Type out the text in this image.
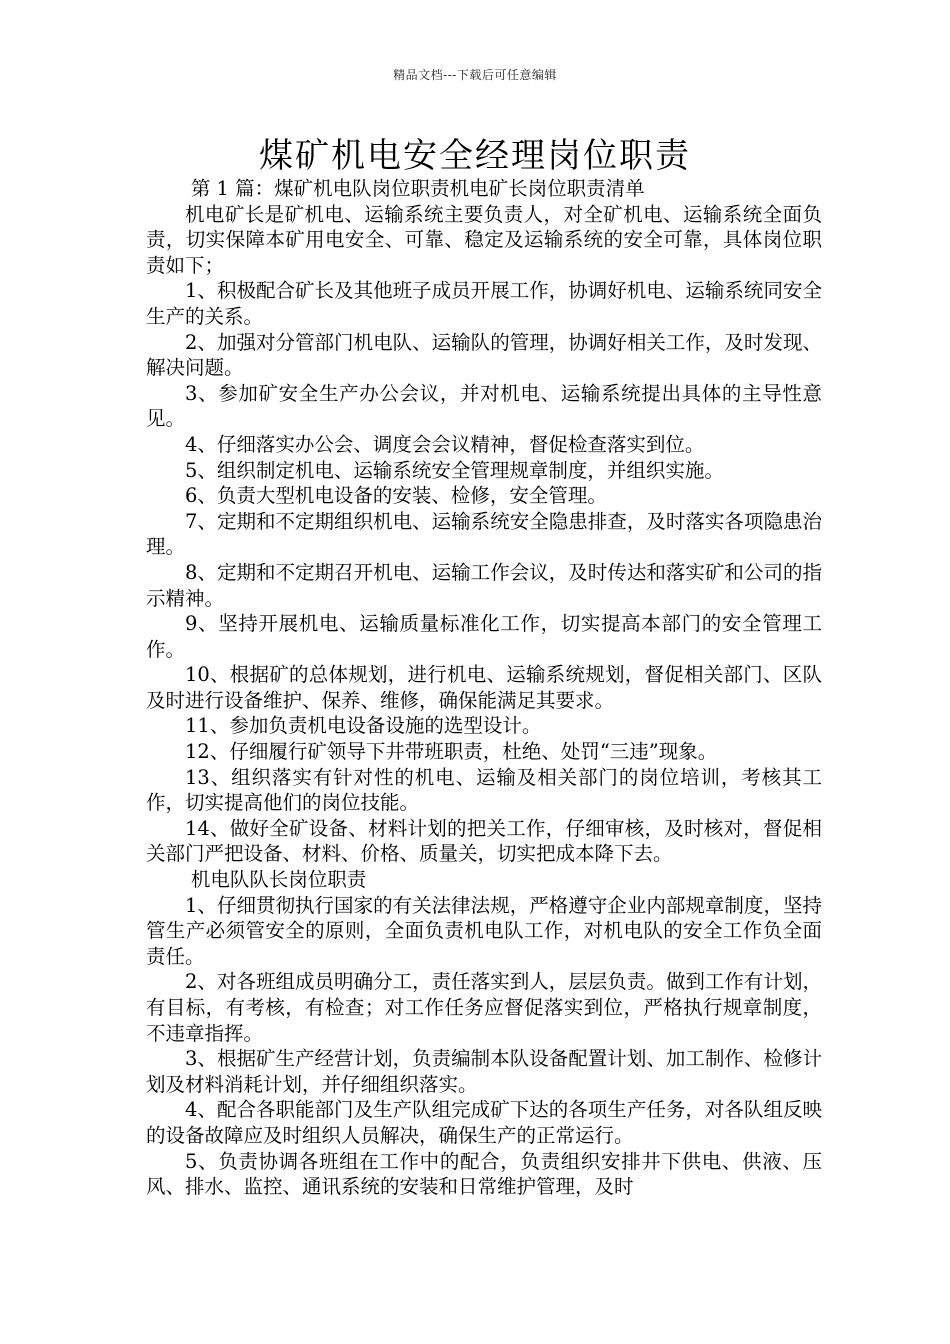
精品文档---下载后可任意编辑
煤矿机电安全经理岗位职责

第 1 篇：煤矿机电队岗位职责机电矿长岗位职责清单

机电矿长是矿机电、运输系统主要负责人，对全矿机电、运输系统全面负责，切实保障本矿用电安全、可靠、稳定及运输系统的安全可靠，具体岗位职责如下；

1、积极配合矿长及其他班子成员开展工作，协调好机电、运输系统同安全生产的关系。

2、加强对分管部门机电队、运输队的管理，协调好相关工作，及时发现、解决问题。

3、参加矿安全生产办公会议，并对机电、运输系统提出具体的主导性意见。

4、仔细落实办公会、调度会会议精神，督促检查落实到位。

5、组织制定机电、运输系统安全管理规章制度，并组织实施。

6、负责大型机电设备的安装、检修，安全管理。

7、定期和不定期组织机电、运输系统安全隐患排查，及时落实各项隐患治理。

8、定期和不定期召开机电、运输工作会议，及时传达和落实矿和公司的指示精神。

9、坚持开展机电、运输质量标准化工作，切实提高本部门的安全管理工作。

10、根据矿的总体规划，进行机电、运输系统规划，督促相关部门、区队及时进行设备维护、保养、维修，确保能满足其要求。

11、参加负责机电设备设施的选型设计。

12、仔细履行矿领导下井带班职责，杜绝、处罚“三违”现象。

13、组织落实有针对性的机电、运输及相关部门的岗位培训，考核其工作，切实提高他们的岗位技能。

14、做好全矿设备、材料计划的把关工作，仔细审核，及时核对，督促相关部门严把设备、材料、价格、质量关，切实把成本降下去。

机电队队长岗位职责

1、仔细贯彻执行国家的有关法律法规，严格遵守企业内部规章制度，坚持管生产必须管安全的原则，全面负责机电队工作，对机电队的安全工作负全面责任。

2、对各班组成员明确分工，责任落实到人，层层负责。做到工作有计划，有目标，有考核，有检查；对工作任务应督促落实到位，严格执行规章制度，不违章指挥。

3、根据矿生产经营计划，负责编制本队设备配置计划、加工制作、检修计划及材料消耗计划，并仔细组织落实。

4、配合各职能部门及生产队组完成矿下达的各项生产任务，对各队组反映的设备故障应及时组织人员解决，确保生产的正常运行。

5、负责协调各班组在工作中的配合，负责组织安排井下供电、供液、压风、排水、监控、通讯系统的安装和日常维护管理，及时
